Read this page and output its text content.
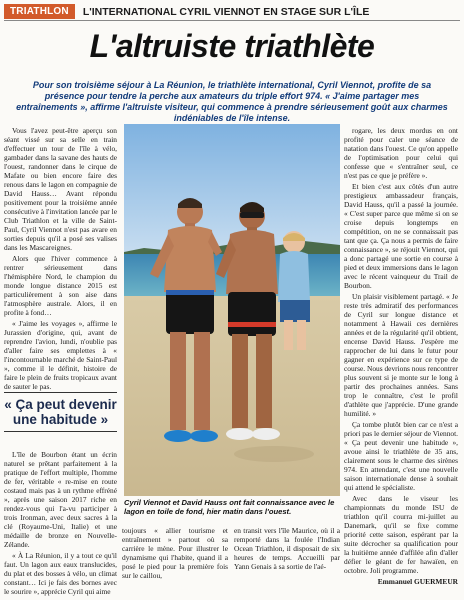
TRIATHLON	L'INTERNATIONAL CYRIL VIENNOT EN STAGE SUR L'ÎLE
L'altruiste triathlète

Pour son troisième séjour à La Réunion, le triathlète international, Cyril Viennot, profite de sa présence pour tendre la perche aux amateurs du triple effort 974. « J'aime partager mes entraînements », affirme l'altruiste visiteur, qui commence à prendre sérieusement goût aux charmes indéniables de l'île intense.

Vous l'avez peut-être aperçu son séant vissé sur sa selle en train d'effectuer un tour de l'île à vélo, gambader dans la savane des hauts de l'ouest, randonner dans le cirque de Mafate ou bien encore faire des renous dans le lagon en compagnie de David Hauss… Avant répondu positivement pour la troisième année consécutive à l'invitation lancée par le Club Triathlon et la ville de Saint-Paul, Cyril Viennot n'est pas avare en sorties depuis qu'il a posé ses valises dans les Mascareignes.

Alors que l'hiver commence à rentrer sérieusement dans l'hémisphère Nord, le champion du monde longue distance 2015 est particulièrement à son aise dans l'atmosphère australe. Alors, il en profite à fond…

« J'aime les voyages », affirme le Jurassien d'origine, qui, avant de reprendre l'avion, lundi, n'oublie pas d'aller faire ses emplettes à « l'incontournable marché de Saint-Paul », comme il le définit, histoire de faire le plein de fruits tropicaux avant de sauter le pas.

« Ça peut devenir une habitude »

L'île de Bourbon étant un écrin naturel se prêtant parfaitement à la pratique de l'effort multiple, l'homme de fer, véritable « re-mise en route costaud mais pas à un rythme effréné », après une saison 2017 riche en rendez-vous qui l'a-vu participer à trois Ironman, avec deux sacres à la clé (Royaume-Uni, Italie) et une médaille de bronze en Nouvelle-Zélande.

« À La Réunion, il y a tout ce qu'il faut. Un lagon aux eaux translucides, du plat et des bosses à vélo, un climat constant… Ici je fais des bornes avec le sourire », apprécie Cyril qui aime

Cyril Viennot et David Hauss ont fait connaissance avec le lagon en toile de fond, hier matin dans l'ouest.

toujours « allier tourisme et entraînement » partout où sa carrière le mène. Pour illustrer le dynamisme qui l'habite, quand il a posé le pied pour la première fois sur le caillou,

en transit vers l'île Maurice, où il a remporté dans la foulée l'Indian Ocean Triathlon, il disposait de six heures de temps. Accueilli par Yann Genais à sa sortie de l'aé-

rogare, les deux mordus en ont profité pour caler une séance de natation dans l'ouest. Ce qu'on appelle de l'optimisation pour celui qui confesse que « s'entraîner seul, ce n'est pas ce que je préfère ».

Et bien c'est aux côtés d'un autre prestigieux ambassadeur français, David Hauss, qu'il a passé la journée. « C'est super parce que même si on se croise depuis longtemps en compétition, on ne se connaissait pas tant que ça. Ça nous a permis de faire connaissance », se réjouit Viennot, qui a donc partagé une sortie en course à pied et deux immersions dans le lagon avec le récent vainqueur du Trail de Bourbon.

Un plaisir visiblement partagé. « Je reste très admiratif des performances de Cyril sur longue distance et notamment à Hawaii ces dernières années et de la régularité qu'il obtient, encense David Hauss. J'espère me rapprocher de lui dans le futur pour gagner en expérience sur ce type de course. Nous devrions nous rencontrer plus souvent si je monte sur le long à partir des prochaines années. Sans trop le connaître, c'est le profil d'athlète que j'apprécie. D'une grande humilité. »

Ça tombe plutôt bien car ce n'est a priori pas le dernier séjour de Viennot. « Ça peut devenir une habitude », avoue ainsi le triathlète de 35 ans, clairement sous le charme des sirènes 974. En attendant, c'est une nouvelle saison internationale dense à souhait qui attend le spécialiste.

Avec dans le viseur les championnats du monde ISU de triathlon qu'il courra mi-juillet au Danemark, qu'il se fixe comme priorité cette saison, espérant par la suite décrocher sa qualification pour la huitième année d'affilée afin d'aller défier le géant de fer hawaïen, en octobre. Joli programme.

Emmanuel GUERMEUR
